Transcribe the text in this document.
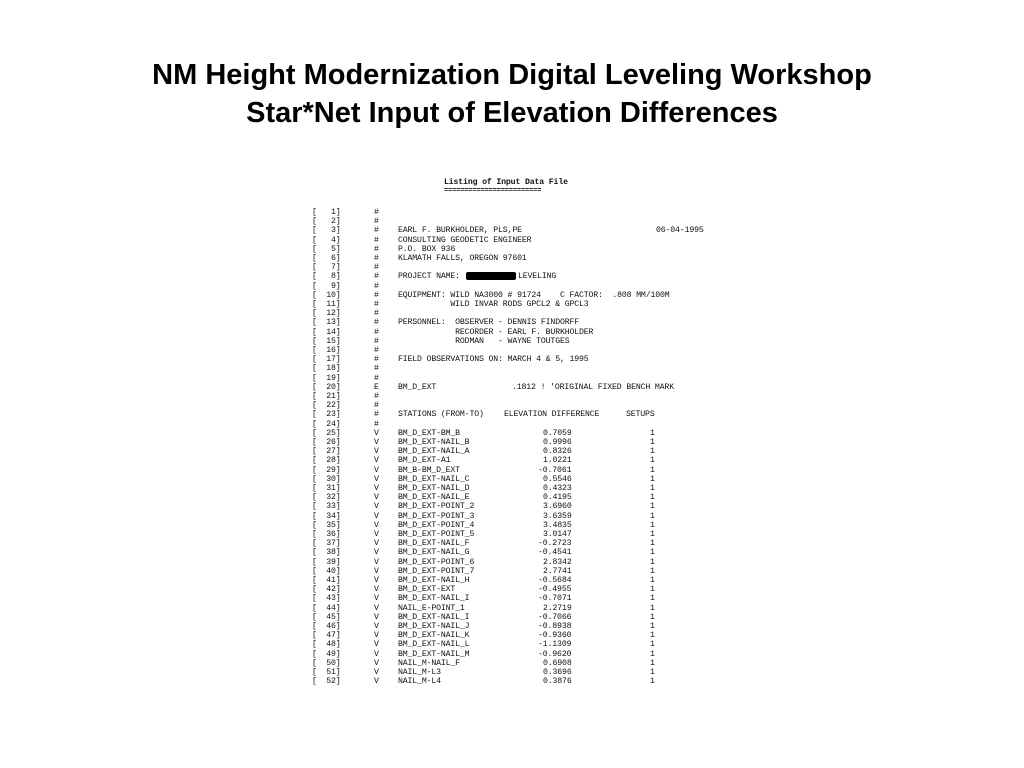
NM Height Modernization Digital Leveling Workshop
Star*Net Input of Elevation Differences
Listing of Input Data File
========================
[   1]	#
[   2]	#
[   3]	# EARL F. BURKHOLDER, PLS,PE	06-04-1995
[   4]	# CONSULTING GEODETIC ENGINEER
[   5]	# P.O. BOX 936
[   6]	# KLAMATH FALLS, OREGON 97601
[   7]	#
[   8]	# PROJECT NAME:	LEVELING
[   9]	#
[  10]	# EQUIPMENT: WILD NA3000 # 91724    C FACTOR:  .808 MM/100M
[  11]	# WILD INVAR RODS GPCL2 & GPCL3
[  12]	#
[  13]	# PERSONNEL:  OBSERVER - DENNIS FINDORFF
[  14]	# RECORDER - EARL F. BURKHOLDER
[  15]	# RODMAN   - WAYNE TOUTGES
[  16]	#
[  17]	# FIELD OBSERVATIONS ON: MARCH 4 & 5, 1995
[  18]	#
[  19]	#
[  20]	E BM_D_EXT	.1812 ! 'ORIGINAL FIXED BENCH MARK
[  21]	#
[  22]	#
[  23]	# STATIONS (FROM-TO) ELEVATION DIFFERENCE	SETUPS
[  24]	#
[  25]	V BM_D_EXT-BM_B	0.7059	1
[  26]	V BM_D_EXT-NAIL_B	0.9996	1
[  27]	V BM_D_EXT-NAIL_A	0.8326	1
[  28]	V BM_D_EXT-A1	1.0221	1
[  29]	V BM_B-BM_D_EXT	-0.7061	1
[  30]	V BM_D_EXT-NAIL_C	0.5546	1
[  31]	V BM_D_EXT-NAIL_D	0.4323	1
[  32]	V BM_D_EXT-NAIL_E	0.4195	1
[  33]	V BM_D_EXT-POINT_2	3.6960	1
[  34]	V BM_D_EXT-POINT_3	3.6359	1
[  35]	V BM_D_EXT-POINT_4	3.4835	1
[  36]	V BM_D_EXT-POINT_5	3.0147	1
[  37]	V BM_D_EXT-NAIL_F	-0.2723	1
[  38]	V BM_D_EXT-NAIL_G	-0.4541	1
[  39]	V BM_D_EXT-POINT_6	2.8342	1
[  40]	V BM_D_EXT-POINT_7	2.7741	1
[  41]	V BM_D_EXT-NAIL_H	-0.5684	1
[  42]	V BM_D_EXT-EXT	-0.4955	1
[  43]	V BM_D_EXT-NAIL_I	-0.7071	1
[  44]	V NAIL_E-POINT_1	2.2719	1
[  45]	V BM_D_EXT-NAIL_I	-0.7066	1
[  46]	V BM_D_EXT-NAIL_J	-0.8938	1
[  47]	V BM_D_EXT-NAIL_K	-0.9360	1
[  48]	V BM_D_EXT-NAIL_L	-1.1309	1
[  49]	V BM_D_EXT-NAIL_M	-0.9620	1
[  50]	V NAIL_M-NAIL_F	0.6908	1
[  51]	V NAIL_M-L3	0.3696	1
[  52]	V NAIL_M-L4	0.3876	1
